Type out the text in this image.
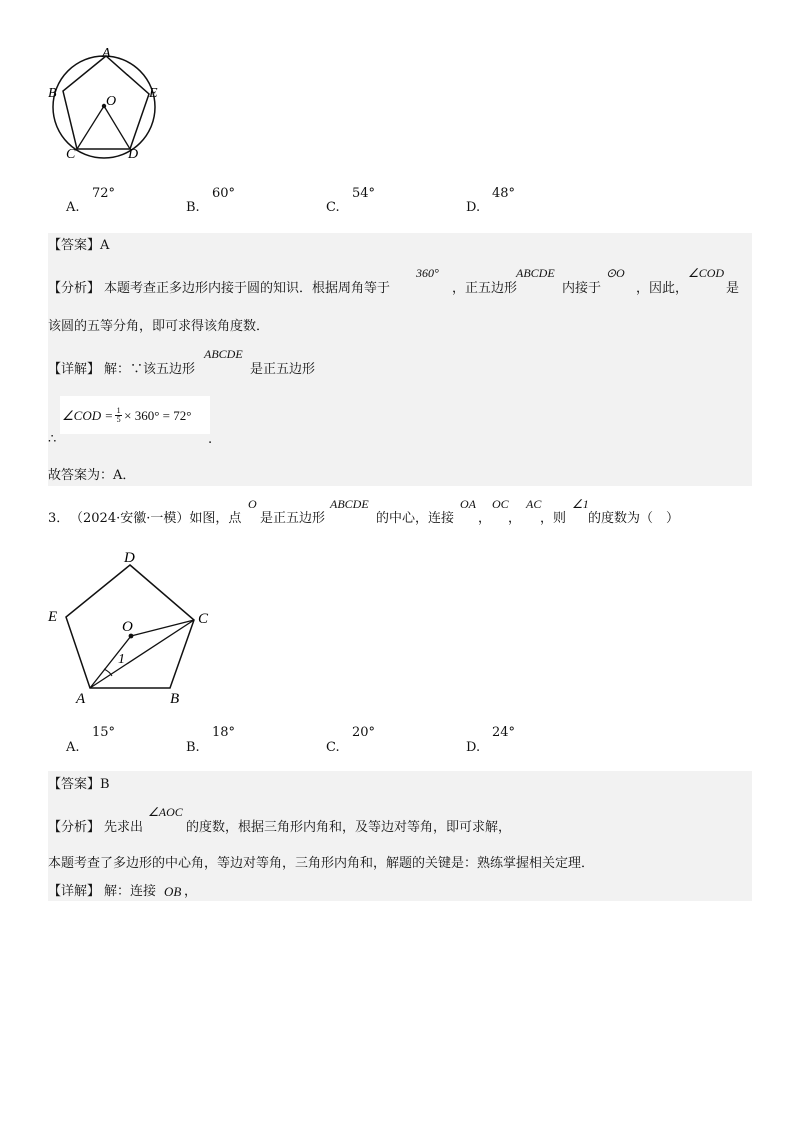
A
B
C	D
E
O
A.
72°
B.
60°
C.
54°
D.
48°
【答案】A
【分析】 本题考查正多边形内接于圆的知识．根据周角等于
360°
，正五边形
ABCDE
内接于
⊙O
，因此，
∠COD
是
该圆的五等分角，即可求得该角度数．
【详解】 解：∵该五边形
ABCDE
是正五边形
∠COD = $\frac{1}{5} \times 360^\circ = 72^\circ$
∴	.
故答案为：A．
3． （2024·安徽·一模）如图，点
O
是正五边形
ABCDE
的中心，连接
OA
，
OC
，
AC
，则
∠1
的度数为（　）
D
E	C
O
1
A	B
A.
15°
B.
18°
C.
20°
D.
24°
【答案】B
【分析】 先求出
∠AOC
的度数，根据三角形内角和，及等边对等角，即可求解，
本题考查了多边形的中心角，等边对等角，三角形内角和，解题的关键是：熟练掌握相关定理．
【详解】 解：连接 OB ，
